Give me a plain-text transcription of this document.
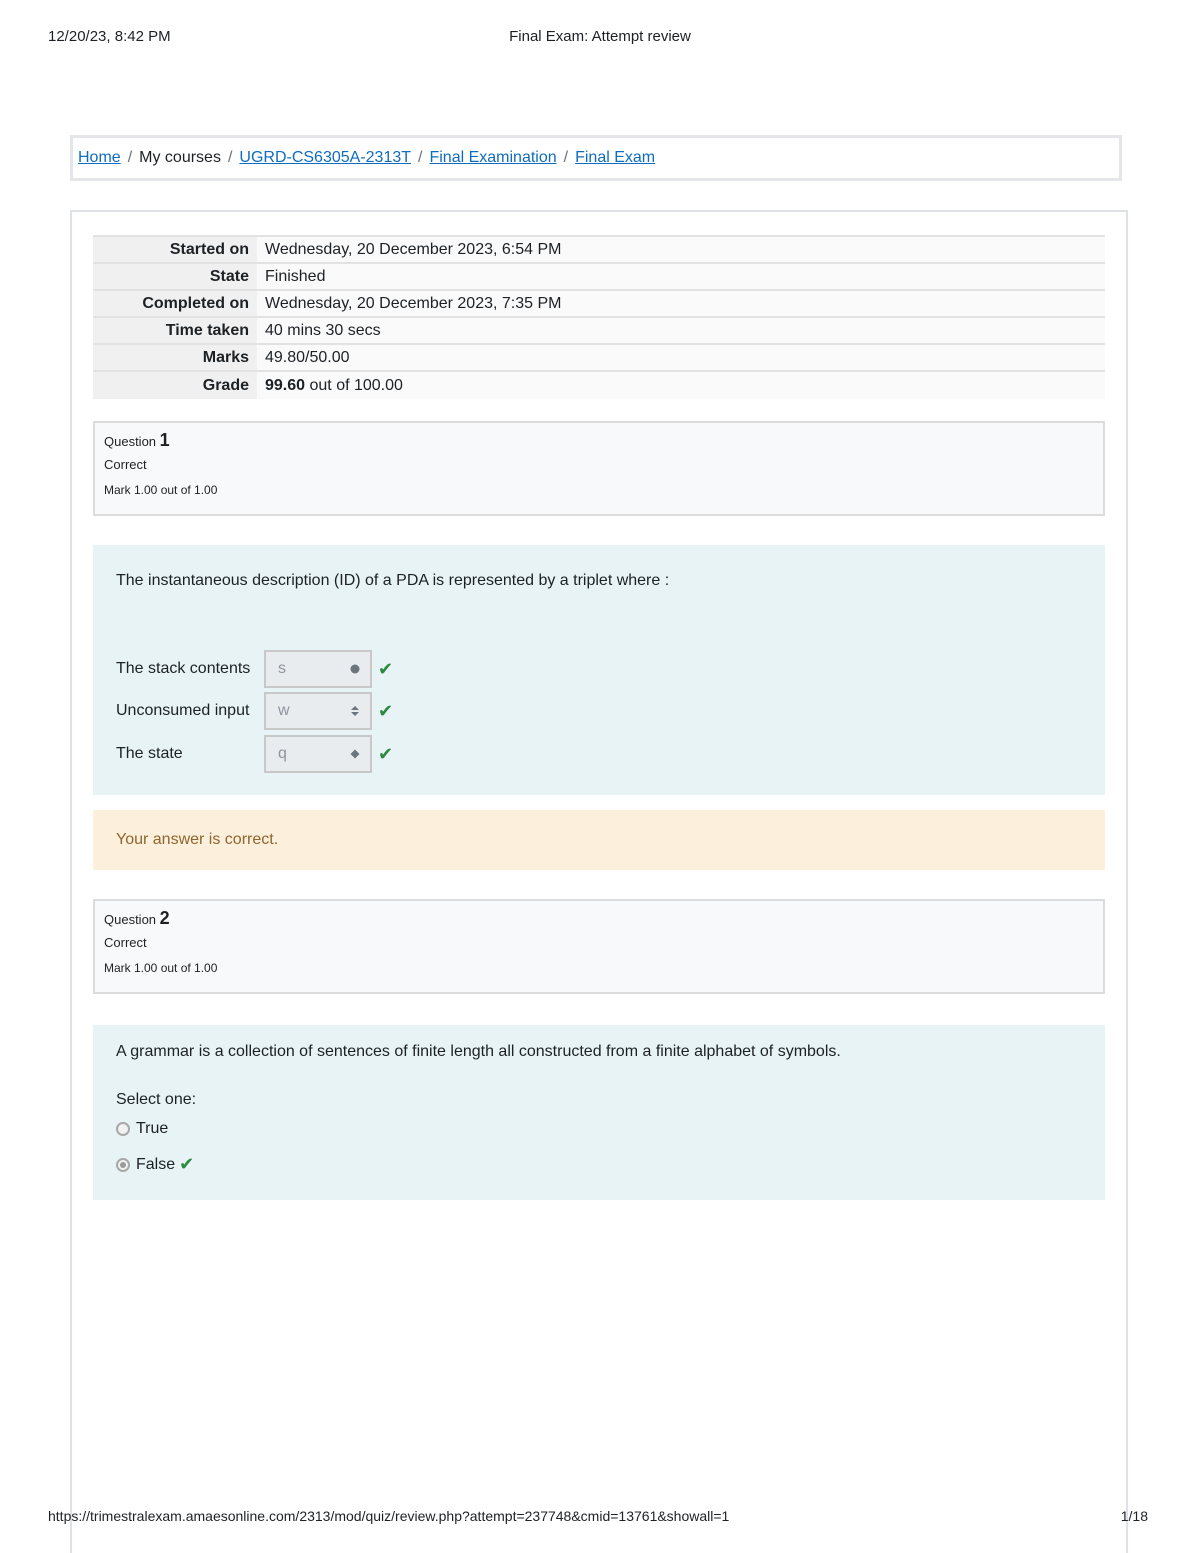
12/20/23, 8:42 PM	Final Exam: Attempt review
Home / My courses / UGRD-CS6305A-2313T / Final Examination / Final Exam
Started on	Wednesday, 20 December 2023, 6:54 PM
State	Finished
Completed on	Wednesday, 20 December 2023, 7:35 PM
Time taken	40 mins 30 secs
Marks	49.80/50.00
Grade	99.60 out of 100.00
Question 1
Correct
Mark 1.00 out of 1.00
The instantaneous description (ID) of a PDA is represented by a triplet where :
The stack contents	s	✔
Unconsumed input	w	✔
The state	q	✔
Your answer is correct.
Question 2
Correct
Mark 1.00 out of 1.00
A grammar is a collection of sentences of finite length all constructed from a finite alphabet of symbols.
Select one:
True
False ✔
https://trimestralexam.amaesonline.com/2313/mod/quiz/review.php?attempt=237748&cmid=13761&showall=1	1/18
